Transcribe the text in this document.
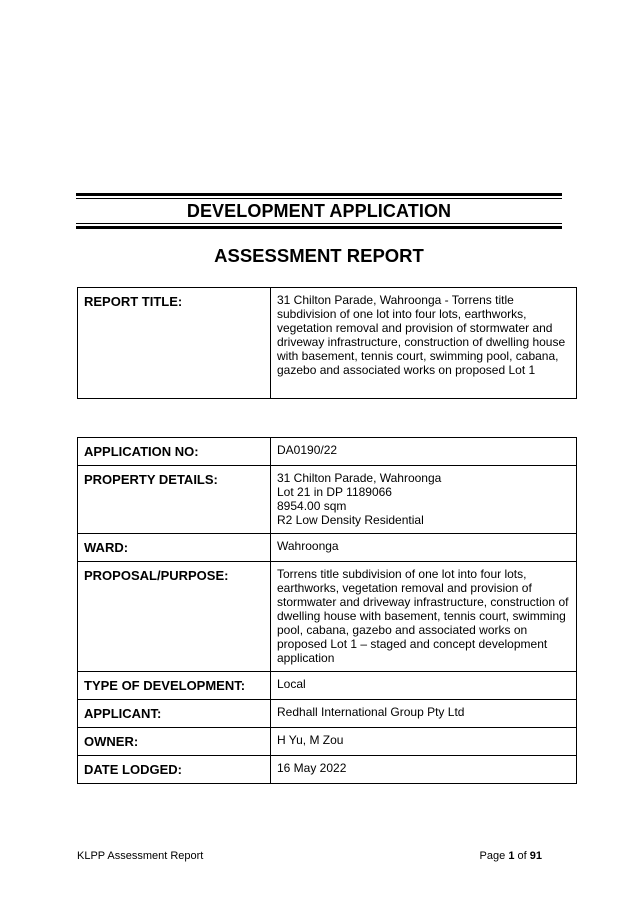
DEVELOPMENT APPLICATION
ASSESSMENT REPORT
REPORT TITLE:	31 Chilton Parade, Wahroonga - Torrens title subdivision of one lot into four lots, earthworks, vegetation removal and provision of stormwater and driveway infrastructure, construction of dwelling house with basement, tennis court, swimming pool, cabana, gazebo and associated works on proposed Lot 1
APPLICATION NO:	DA0190/22
PROPERTY DETAILS:	31 Chilton Parade, Wahroonga

Lot 21 in DP 1189066

8954.00 sqm

R2 Low Density Residential

WARD:	Wahroonga
PROPOSAL/PURPOSE:	Torrens title subdivision of one lot into four lots, earthworks, vegetation removal and provision of stormwater and driveway infrastructure, construction of dwelling house with basement, tennis court, swimming pool, cabana, gazebo and associated works on proposed Lot 1 – staged and concept development application
TYPE OF DEVELOPMENT:	Local
APPLICANT:	Redhall International Group Pty Ltd
OWNER:	H Yu, M Zou
DATE LODGED:	16 May 2022
KLPP Assessment Report	Page 1 of 91
